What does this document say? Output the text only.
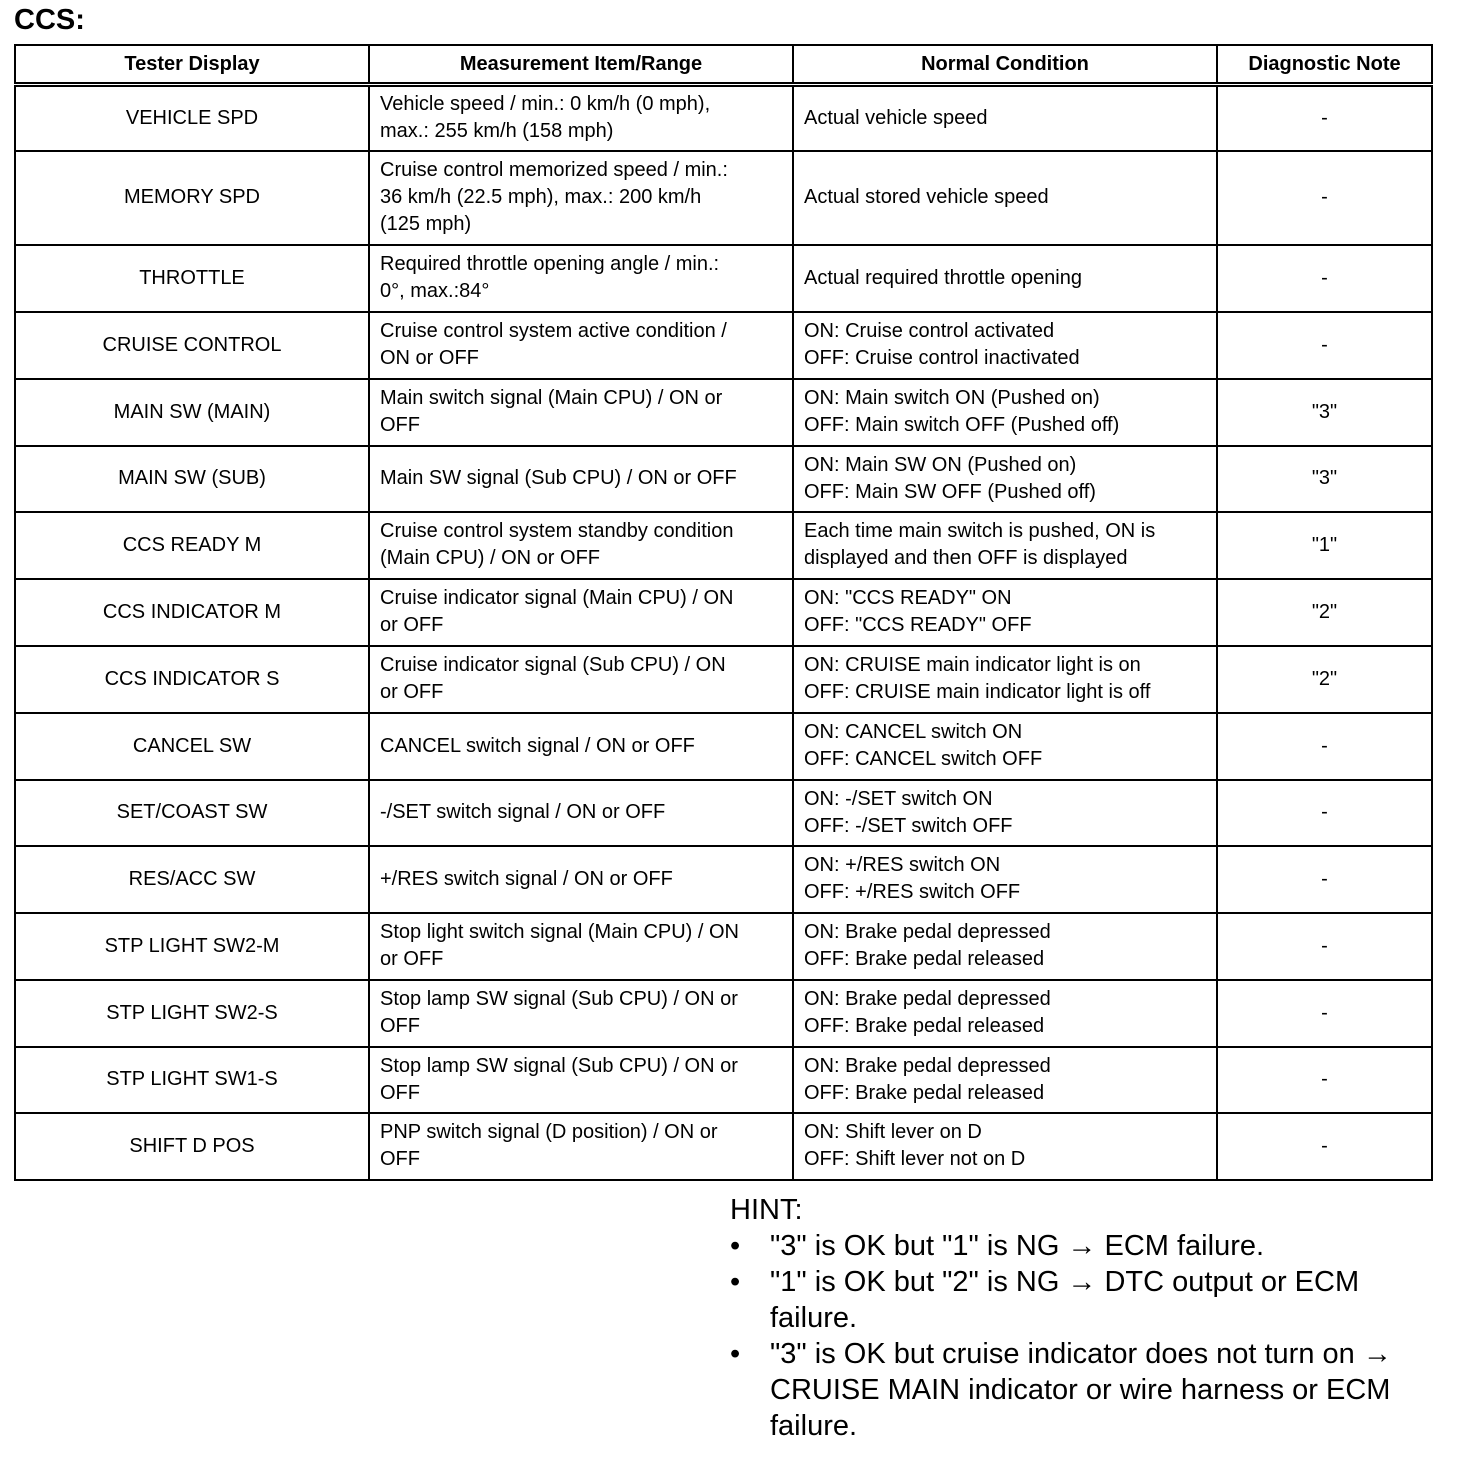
CCS:
Tester Display	Measurement Item/Range	Normal Condition	Diagnostic Note
VEHICLE SPD	Vehicle speed / min.: 0 km/h (0 mph),
max.: 255 km/h (158 mph)	Actual vehicle speed	-
MEMORY SPD	Cruise control memorized speed / min.:
36 km/h (22.5 mph), max.: 200 km/h
(125 mph)	Actual stored vehicle speed	-
THROTTLE	Required throttle opening angle / min.:
0°, max.:84°	Actual required throttle opening	-
CRUISE CONTROL	Cruise control system active condition /
ON or OFF	ON: Cruise control activated
OFF: Cruise control inactivated	-
MAIN SW (MAIN)	Main switch signal (Main CPU) / ON or
OFF	ON: Main switch ON (Pushed on)
OFF: Main switch OFF (Pushed off)	"3"
MAIN SW (SUB)	Main SW signal (Sub CPU) / ON or OFF	ON: Main SW ON (Pushed on)
OFF: Main SW OFF (Pushed off)	"3"
CCS READY M	Cruise control system standby condition
(Main CPU) / ON or OFF	Each time main switch is pushed, ON is
displayed and then OFF is displayed	"1"
CCS INDICATOR M	Cruise indicator signal (Main CPU) / ON
or OFF	ON: "CCS READY" ON
OFF: "CCS READY" OFF	"2"
CCS INDICATOR S	Cruise indicator signal (Sub CPU) / ON
or OFF	ON: CRUISE main indicator light is on
OFF: CRUISE main indicator light is off	"2"
CANCEL SW	CANCEL switch signal / ON or OFF	ON: CANCEL switch ON
OFF: CANCEL switch OFF	-
SET/COAST SW	-/SET switch signal / ON or OFF	ON: -/SET switch ON
OFF: -/SET switch OFF	-
RES/ACC SW	+/RES switch signal / ON or OFF	ON: +/RES switch ON
OFF: +/RES switch OFF	-
STP LIGHT SW2-M	Stop light switch signal (Main CPU) / ON
or OFF	ON: Brake pedal depressed
OFF: Brake pedal released	-
STP LIGHT SW2-S	Stop lamp SW signal (Sub CPU) / ON or
OFF	ON: Brake pedal depressed
OFF: Brake pedal released	-
STP LIGHT SW1-S	Stop lamp SW signal (Sub CPU) / ON or
OFF	ON: Brake pedal depressed
OFF: Brake pedal released	-
SHIFT D POS	PNP switch signal (D position) / ON or
OFF	ON: Shift lever on D
OFF: Shift lever not on D	-
HINT:
• "3" is OK but "1" is NG → ECM failure.
• "1" is OK but "2" is NG → DTC output or ECM failure.
• "3" is OK but cruise indicator does not turn on → CRUISE MAIN indicator or wire harness or ECM failure.
